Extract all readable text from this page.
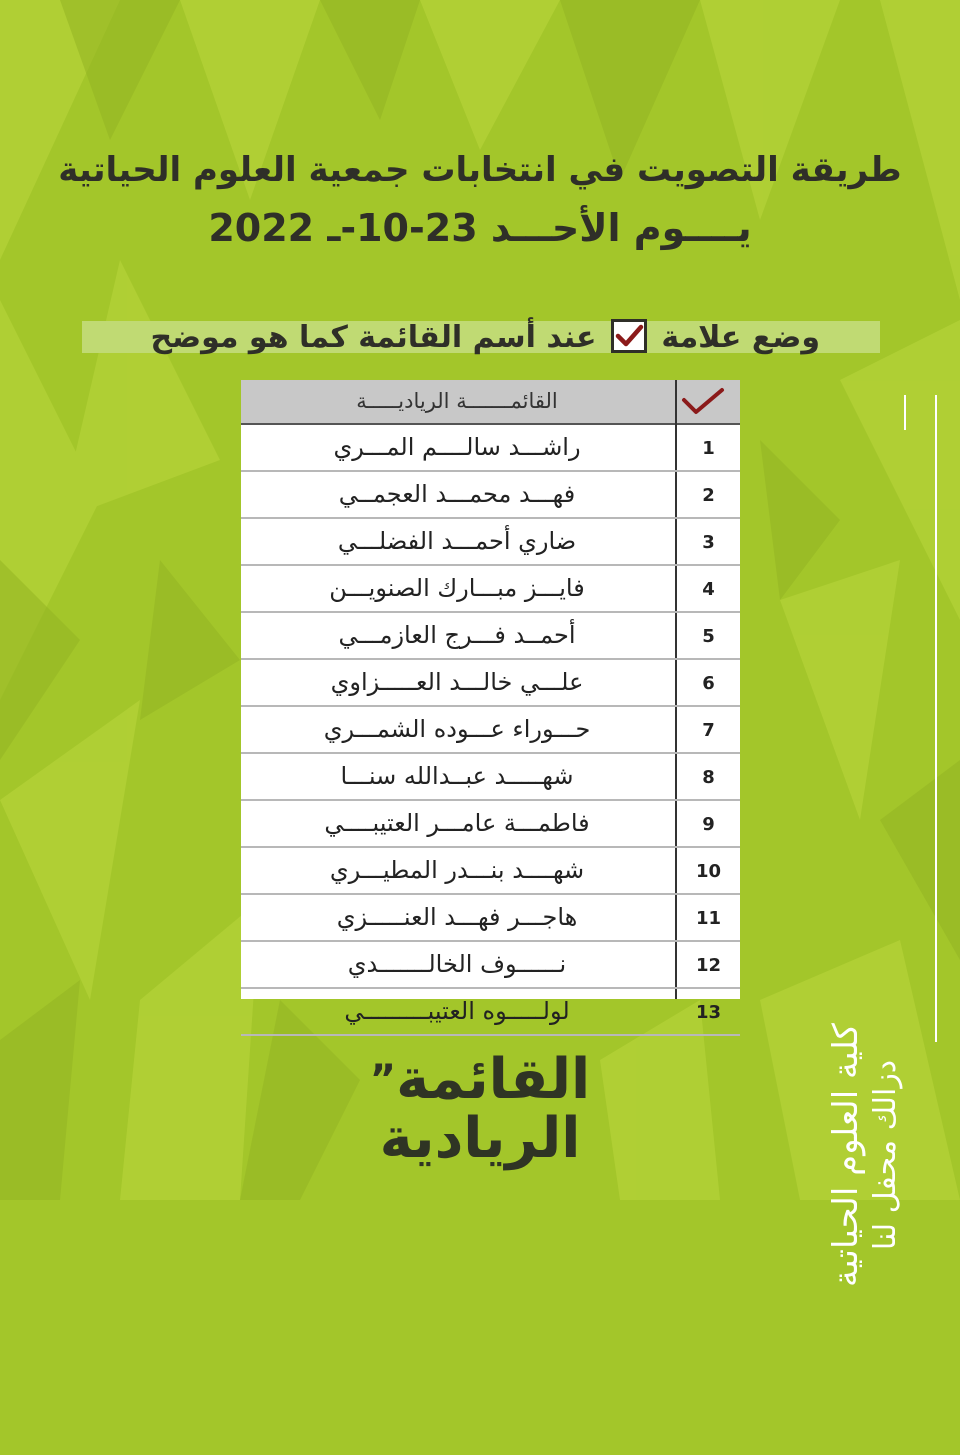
طريقة التصويت في انتخابات جمعية العلوم الحياتية
يــــوم الأحـــد 23-10-ـ 2022
وضع علامة
عند أسم القائمة كما هو موضح
القائمـــــــة الرياديـــــة
راشـــد سالــــم المـــري	1
فهـــد محمـــد العجمــي	2
ضاري أحمـــد الفضلـــي	3
فايـــز مبـــارك الصنويـــن	4
أحمــد فـــرج العازمـــي	5
علـــي خالـــد العـــــزاوي	6
حـــوراء عـــوده الشمـــري	7
شهـــــد عبــدالله سنـــا	8
فاطمـــة عامـــر العتيبــــي	9
شهــــد بنـــدر المطيـــري	10
هاجـــر فهـــد العنـــــزي	11
نــــــوف الخالـــــــدي	12
لولـــــوه العتيبـــــــــي	13
كلية العلوم الحياتية دزالك محفل لنا
القائمة”
الريادية
